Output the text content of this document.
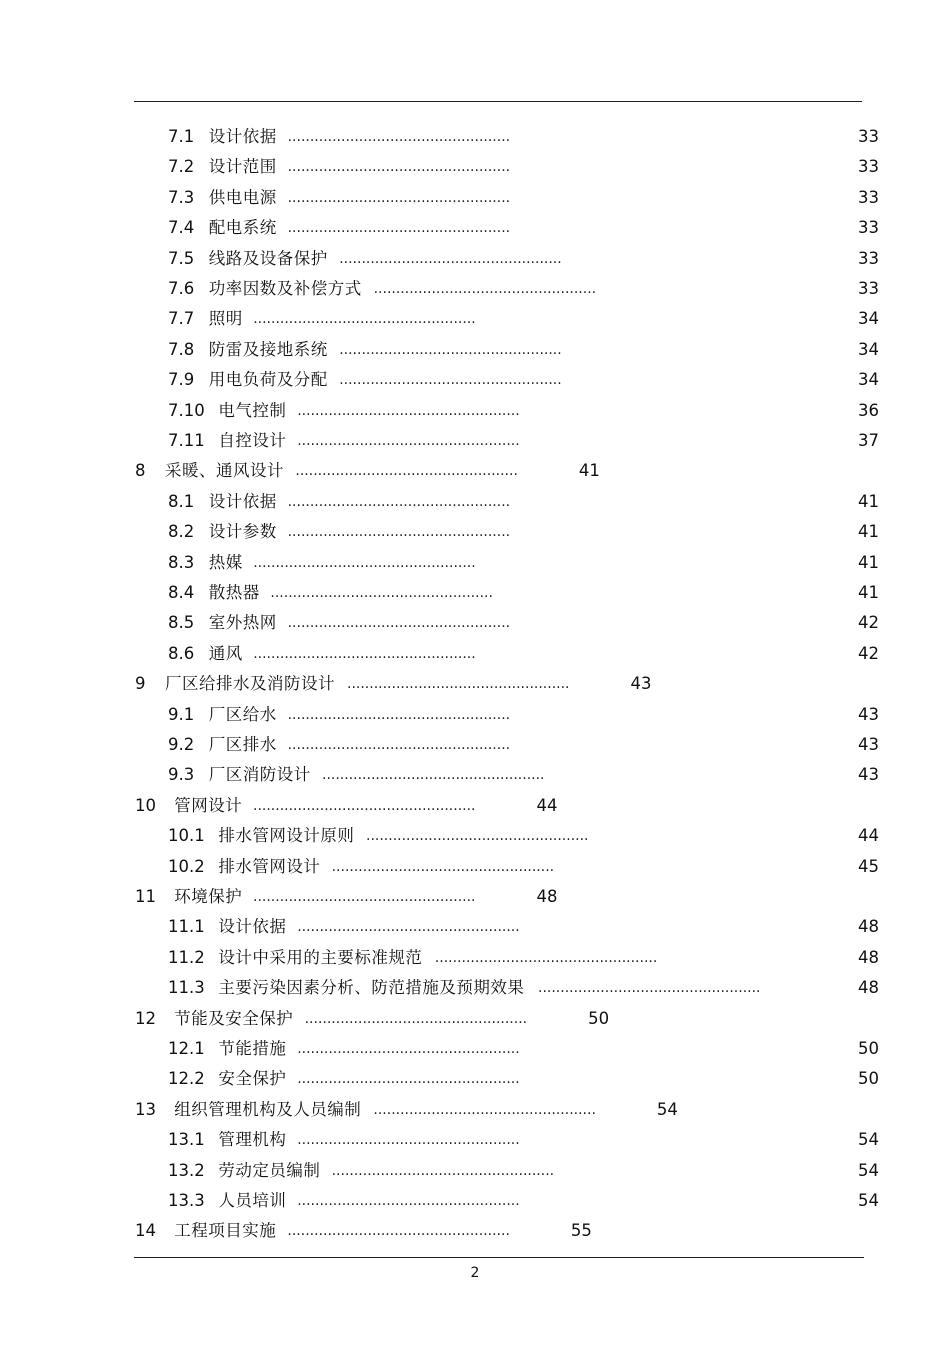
7.1 设计依据 ..................................................	33
7.2 设计范围 ..................................................	33
7.3 供电电源 ..................................................	33
7.4 配电系统 ..................................................	33
7.5 线路及设备保护 ..................................................	33
7.6 功率因数及补偿方式 ..................................................	33
7.7 照明 ..................................................	34
7.8 防雷及接地系统 ..................................................	34
7.9 用电负荷及分配 ..................................................	34
7.10 电气控制 ..................................................	36
7.11 自控设计 ..................................................	37
8 采暖、通风设计 ..................................................	41
8.1 设计依据 ..................................................	41
8.2 设计参数 ..................................................	41
8.3 热媒 ..................................................	41
8.4 散热器 ..................................................	41
8.5 室外热网 ..................................................	42
8.6 通风 ..................................................	42
9 厂区给排水及消防设计 ..................................................	43
9.1 厂区给水 ..................................................	43
9.2 厂区排水 ..................................................	43
9.3 厂区消防设计 ..................................................	43
10 管网设计 ..................................................	44
10.1 排水管网设计原则 ..................................................	44
10.2 排水管网设计 ..................................................	45
11 环境保护 ..................................................	48
11.1 设计依据 ..................................................	48
11.2 设计中采用的主要标准规范 ..................................................	48
11.3 主要污染因素分析、防范措施及预期效果 ..................................................	48
12 节能及安全保护 ..................................................	50
12.1 节能措施 ..................................................	50
12.2 安全保护 ..................................................	50
13 组织管理机构及人员编制 ..................................................	54
13.1 管理机构 ..................................................	54
13.2 劳动定员编制 ..................................................	54
13.3 人员培训 ..................................................	54
14 工程项目实施 ..................................................	55
2
